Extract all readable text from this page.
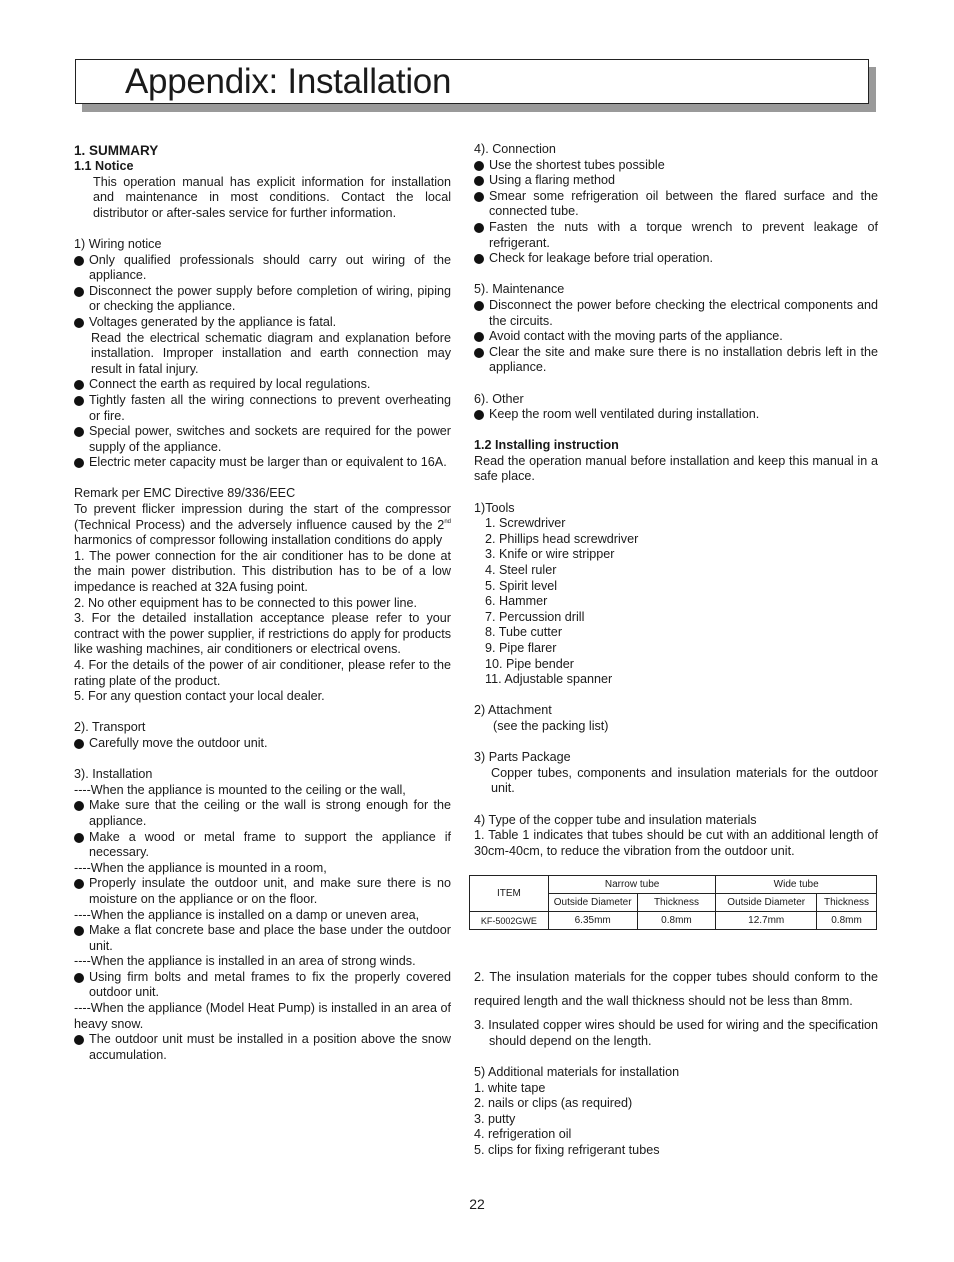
Appendix: Installation

1. SUMMARY

1.1 Notice

This operation manual has explicit information for installation and maintenance in most conditions. Contact the local distributor or after-sales service for further information.

1) Wiring notice

Only qualified professionals should carry out wiring of the appliance.
Disconnect the power supply before completion of wiring, piping or checking the appliance.
Voltages generated by the appliance is fatal.

Read the electrical schematic diagram and explanation before installation. Improper installation and earth connection may result in fatal injury.

Connect the earth as required by local regulations.
Tightly fasten all the wiring connections to prevent overheating or fire.
Special power, switches and sockets are required for the power supply of the appliance.
Electric meter capacity must be larger than or equivalent to 16A.

Remark per EMC Directive 89/336/EEC

To prevent flicker impression during the start of the compressor (Technical Process) and the adversely influence caused by the 2nd harmonics of compressor following installation conditions do apply

1. The power connection for the air conditioner has to be done at the main power distribution. This distribution has to be of a low impedance is reached at 32A fusing point.

2. No other equipment has to be connected to this power line.

3. For the detailed installation acceptance please refer to your contract with the power supplier, if restrictions do apply for products like washing machines, air conditioners or electrical ovens.

4. For the details of the power of air conditioner, please refer to the rating plate of the product.

5. For any question contact your local dealer.

2). Transport

Carefully move the outdoor unit.

3). Installation

----When the appliance is mounted to the ceiling or the wall,

Make sure that the ceiling or the wall is strong enough for the appliance.
Make a wood or metal frame to support the appliance if necessary.

----When the appliance is mounted in a room,

Properly insulate the outdoor unit, and make sure there is no moisture on the appliance or on the floor.

----When the appliance is installed on a damp or uneven area,

Make a flat concrete base and place the base under the outdoor unit.

----When the appliance is installed in an area of strong winds.

Using firm bolts and metal frames to fix the properly covered outdoor unit.

----When the appliance (Model Heat Pump) is installed in an area of heavy snow.

The outdoor unit must be installed in a position above the snow accumulation.

4). Connection

Use the shortest tubes possible
Using a flaring method
Smear some refrigeration oil between the flared surface and the connected tube.
Fasten the nuts with a torque wrench to prevent leakage of refrigerant.
Check for leakage before trial operation.

5). Maintenance

Disconnect the power before checking the electrical components and the circuits.
Avoid contact with the moving parts of the appliance.
Clear the site and make sure there is no installation debris left in the appliance.

6). Other

Keep the room well ventilated during installation.

1.2 Installing instruction

Read the operation manual before installation and keep this manual in a safe place.

1)Tools

1. Screwdriver

2. Phillips head screwdriver

3. Knife or wire stripper

4. Steel ruler

5. Spirit level

6. Hammer

7. Percussion drill

8. Tube cutter

9. Pipe flarer

10. Pipe bender

11. Adjustable spanner

2) Attachment

(see the packing list)

3) Parts Package

Copper tubes, components and insulation materials for the outdoor unit.

4) Type of the copper tube and insulation materials

1. Table 1 indicates that tubes should be cut with an additional length of 30cm-40cm, to reduce the vibration from the outdoor unit.

2. The insulation materials for the copper tubes should conform to the required length and the wall thickness should not be less than 8mm.

3. Insulated copper wires should be used for wiring and the specification should depend on the length.

5) Additional materials for installation

1. white tape

2. nails or clips (as required)

3. putty

4. refrigeration oil

5. clips for fixing refrigerant tubes

ITEM	Narrow tube		Wide tube	
	Outside Diameter	Thickness	Outside Diameter	Thickness
KF-5002GWE	6.35mm	0.8mm	12.7mm	0.8mm
22
